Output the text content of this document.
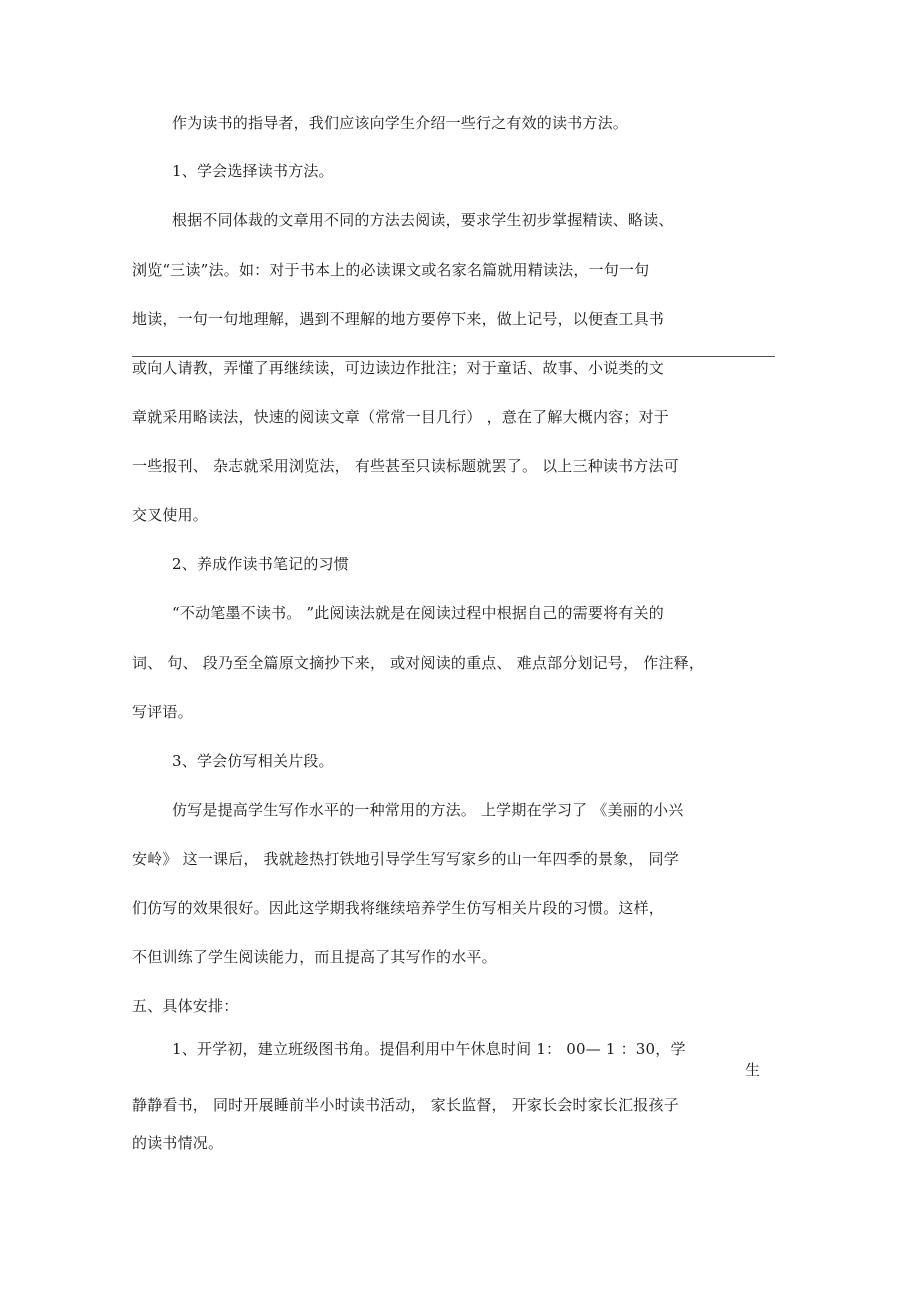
作为读书的指导者，我们应该向学生介绍一些行之有效的读书方法。
1、学会选择读书方法。
根据不同体裁的文章用不同的方法去阅读，要求学生初步掌握精读、略读、
浏览“三读”法。如：对于书本上的必读课文或名家名篇就用精读法，一句一句
地读，一句一句地理解，遇到不理解的地方要停下来，做上记号，以便查工具书
或向人请教，弄懂了再继续读，可边读边作批注；对于童话、故事、小说类的文
章就采用略读法，快速的阅读文章（常常一目几行） ，意在了解大概内容；对于
一些报刊、 杂志就采用浏览法， 有些甚至只读标题就罢了。 以上三种读书方法可
交叉使用。
2、养成作读书笔记的习惯
“不动笔墨不读书。 ”此阅读法就是在阅读过程中根据自己的需要将有关的
词、 句、 段乃至全篇原文摘抄下来， 或对阅读的重点、 难点部分划记号， 作注释，
写评语。
3、学会仿写相关片段。
仿写是提高学生写作水平的一种常用的方法。 上学期在学习了 《美丽的小兴
安岭》 这一课后， 我就趁热打铁地引导学生写写家乡的山一年四季的景象， 同学
们仿写的效果很好。因此这学期我将继续培养学生仿写相关片段的习惯。这样，
不但训练了学生阅读能力，而且提高了其写作的水平。
五、具体安排：
1、开学初，建立班级图书角。提倡利用中午休息时间 1： 00— 1 ：30，学
生
静静看书， 同时开展睡前半小时读书活动， 家长监督， 开家长会时家长汇报孩子
的读书情况。
